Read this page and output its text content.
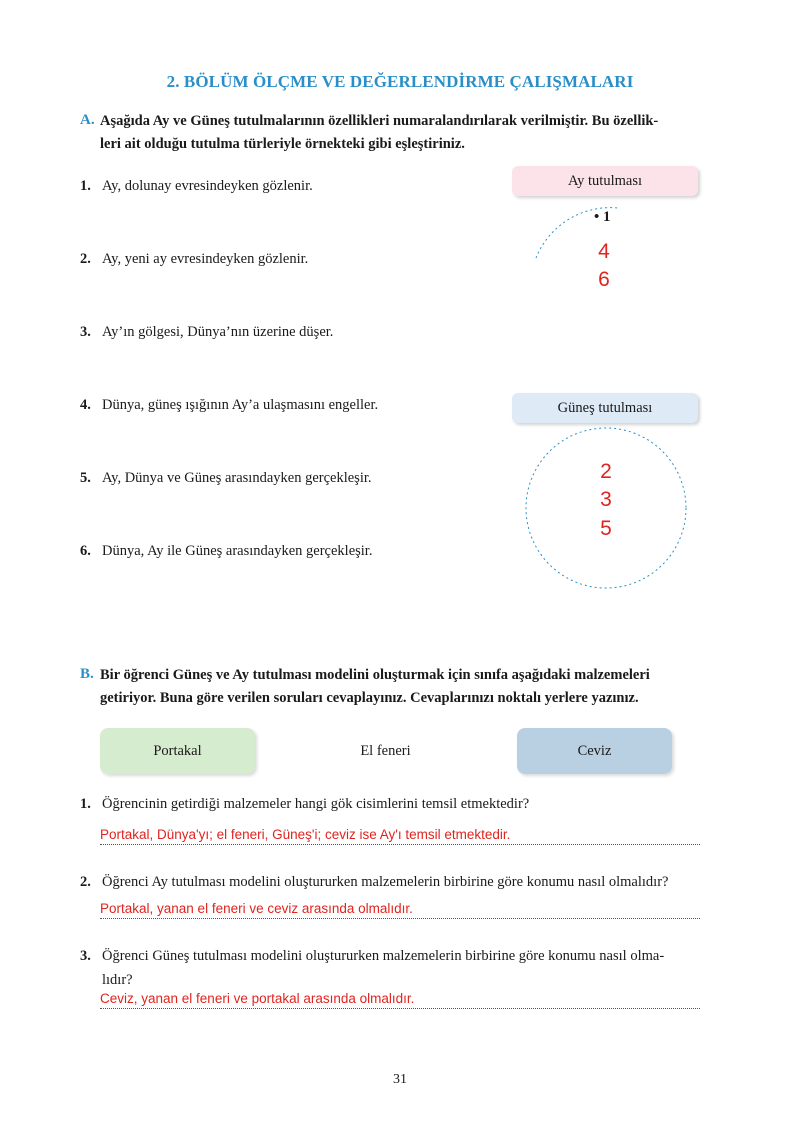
2. BÖLÜM ÖLÇME VE DEĞERLENDİRME ÇALIŞMALARI
A. Aşağıda Ay ve Güneş tutulmalarının özellikleri numaralandırılarak verilmiştir. Bu özellik-
leri ait olduğu tutulma türleriyle örnekteki gibi eşleştiriniz.
1. Ay, dolunay evresindeyken gözlenir.
2. Ay, yeni ay evresindeyken gözlenir.
3. Ay’ın gölgesi, Dünya’nın üzerine düşer.
4. Dünya, güneş ışığının Ay’a ulaşmasını engeller.
5. Ay, Dünya ve Güneş arasındayken gerçekleşir.
6. Dünya, Ay ile Güneş arasındayken gerçekleşir.
Ay tutulması
• 1
4
6
Güneş tutulması
2
3
5
B. Bir öğrenci Güneş ve Ay tutulması modelini oluşturmak için sınıfa aşağıdaki malzemeleri
getiriyor. Buna göre verilen soruları cevaplayınız. Cevaplarınızı noktalı yerlere yazınız.
Portakal	El feneri	Ceviz
1. Öğrencinin getirdiği malzemeler hangi gök cisimlerini temsil etmektedir?
Portakal, Dünya'yı; el feneri, Güneş'i; ceviz ise Ay'ı temsil etmektedir.
2. Öğrenci Ay tutulması modelini oluştururken malzemelerin birbirine göre konumu nasıl olmalıdır?
Portakal, yanan el feneri ve ceviz arasında olmalıdır.
3. Öğrenci Güneş tutulması modelini oluştururken malzemelerin birbirine göre konumu nasıl olma-
lıdır?
Ceviz, yanan el feneri ve portakal arasında olmalıdır.
31
